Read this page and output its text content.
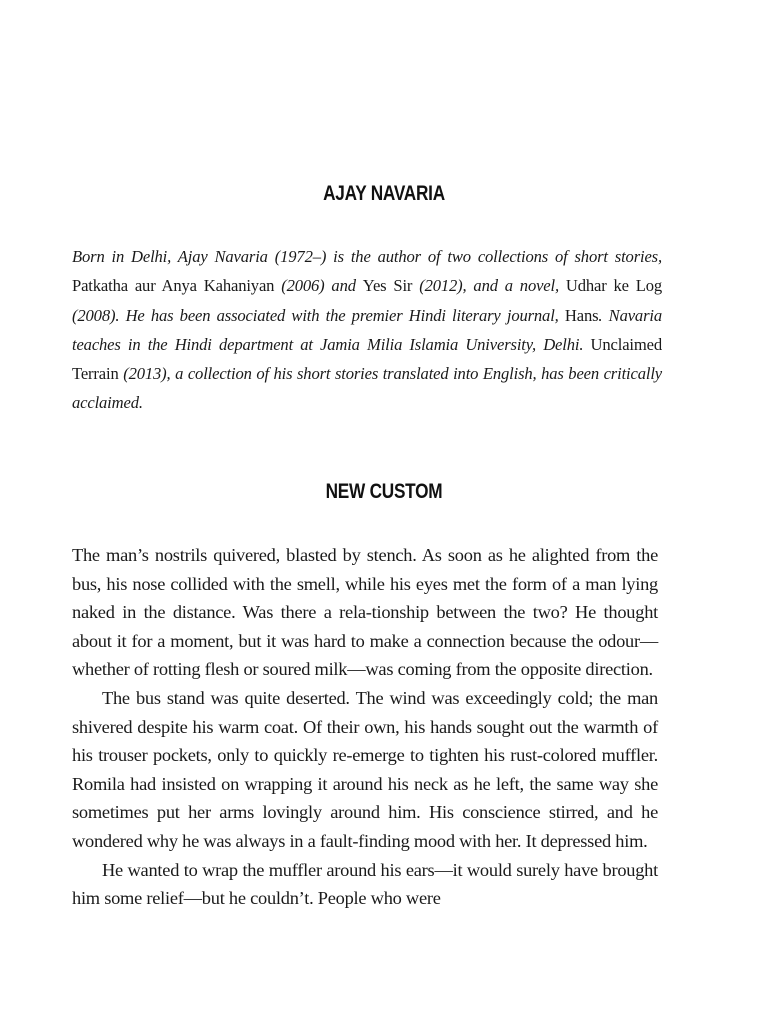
AJAY NAVARIA
Born in Delhi, Ajay Navaria (1972–) is the author of two collections of short stories, Patkatha aur Anya Kahaniyan (2006) and Yes Sir (2012), and a novel, Udhar ke Log (2008). He has been associated with the premier Hindi literary journal, Hans. Navaria teaches in the Hindi department at Jamia Milia Islamia University, Delhi. Unclaimed Terrain (2013), a collection of his short stories translated into English, has been critically acclaimed.
NEW CUSTOM

The man’s nostrils quivered, blasted by stench. As soon as he alighted from the bus, his nose collided with the smell, while his eyes met the form of a man lying naked in the distance. Was there a rela-tionship between the two? He thought about it for a moment, but it was hard to make a connection because the odour—whether of rotting flesh or soured milk—was coming from the opposite direction.

The bus stand was quite deserted. The wind was exceedingly cold; the man shivered despite his warm coat. Of their own, his hands sought out the warmth of his trouser pockets, only to quickly re-emerge to tighten his rust-colored muffler. Romila had insisted on wrapping it around his neck as he left, the same way she sometimes put her arms lovingly around him. His conscience stirred, and he wondered why he was always in a fault-finding mood with her. It depressed him.

He wanted to wrap the muffler around his ears—it would surely have brought him some relief—but he couldn’t. People who were
